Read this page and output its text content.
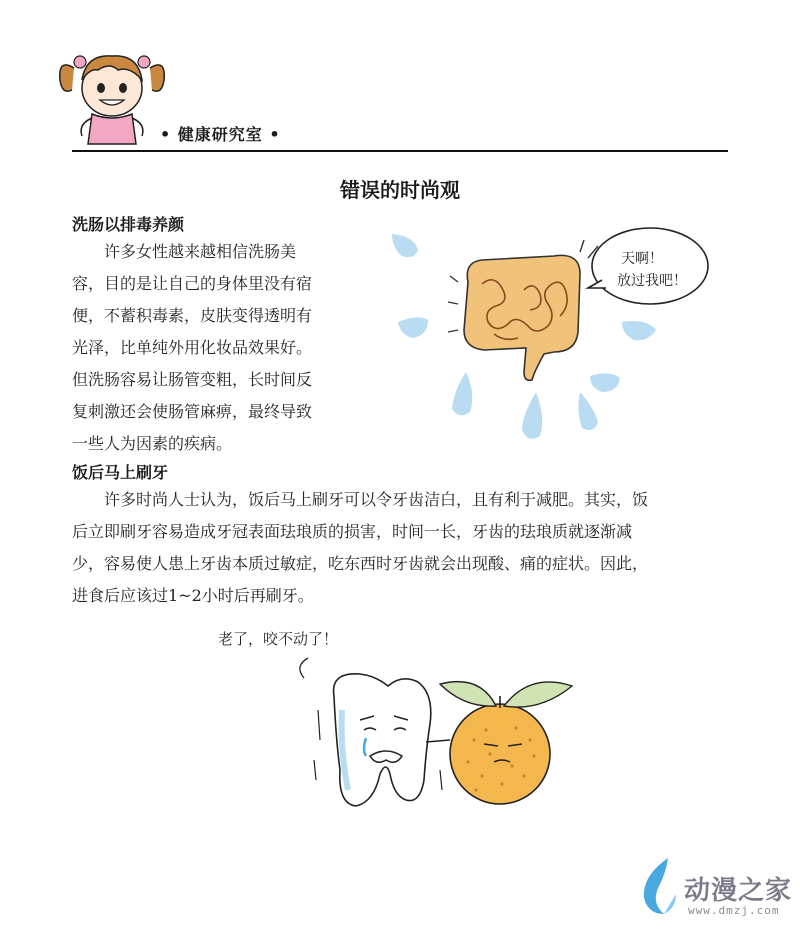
• 健康研究室 •
错误的时尚观
洗肠以排毒养颜
许多女性越来越相信洗肠美
容，目的是让自己的身体里没有宿
便，不蓄积毒素，皮肤变得透明有
光泽，比单纯外用化妆品效果好。
但洗肠容易让肠管变粗，长时间反
复刺激还会使肠管麻痹，最终导致
一些人为因素的疾病。
天啊！
放过我吧！
饭后马上刷牙
许多时尚人士认为，饭后马上刷牙可以令牙齿洁白，且有利于减肥。其实，饭
后立即刷牙容易造成牙冠表面珐琅质的损害，时间一长，牙齿的珐琅质就逐渐减
少，容易使人患上牙齿本质过敏症，吃东西时牙齿就会出现酸、痛的症状。因此，
进食后应该过1~2小时后再刷牙。
老了，咬不动了！
动漫之家
www.dmzj.com
